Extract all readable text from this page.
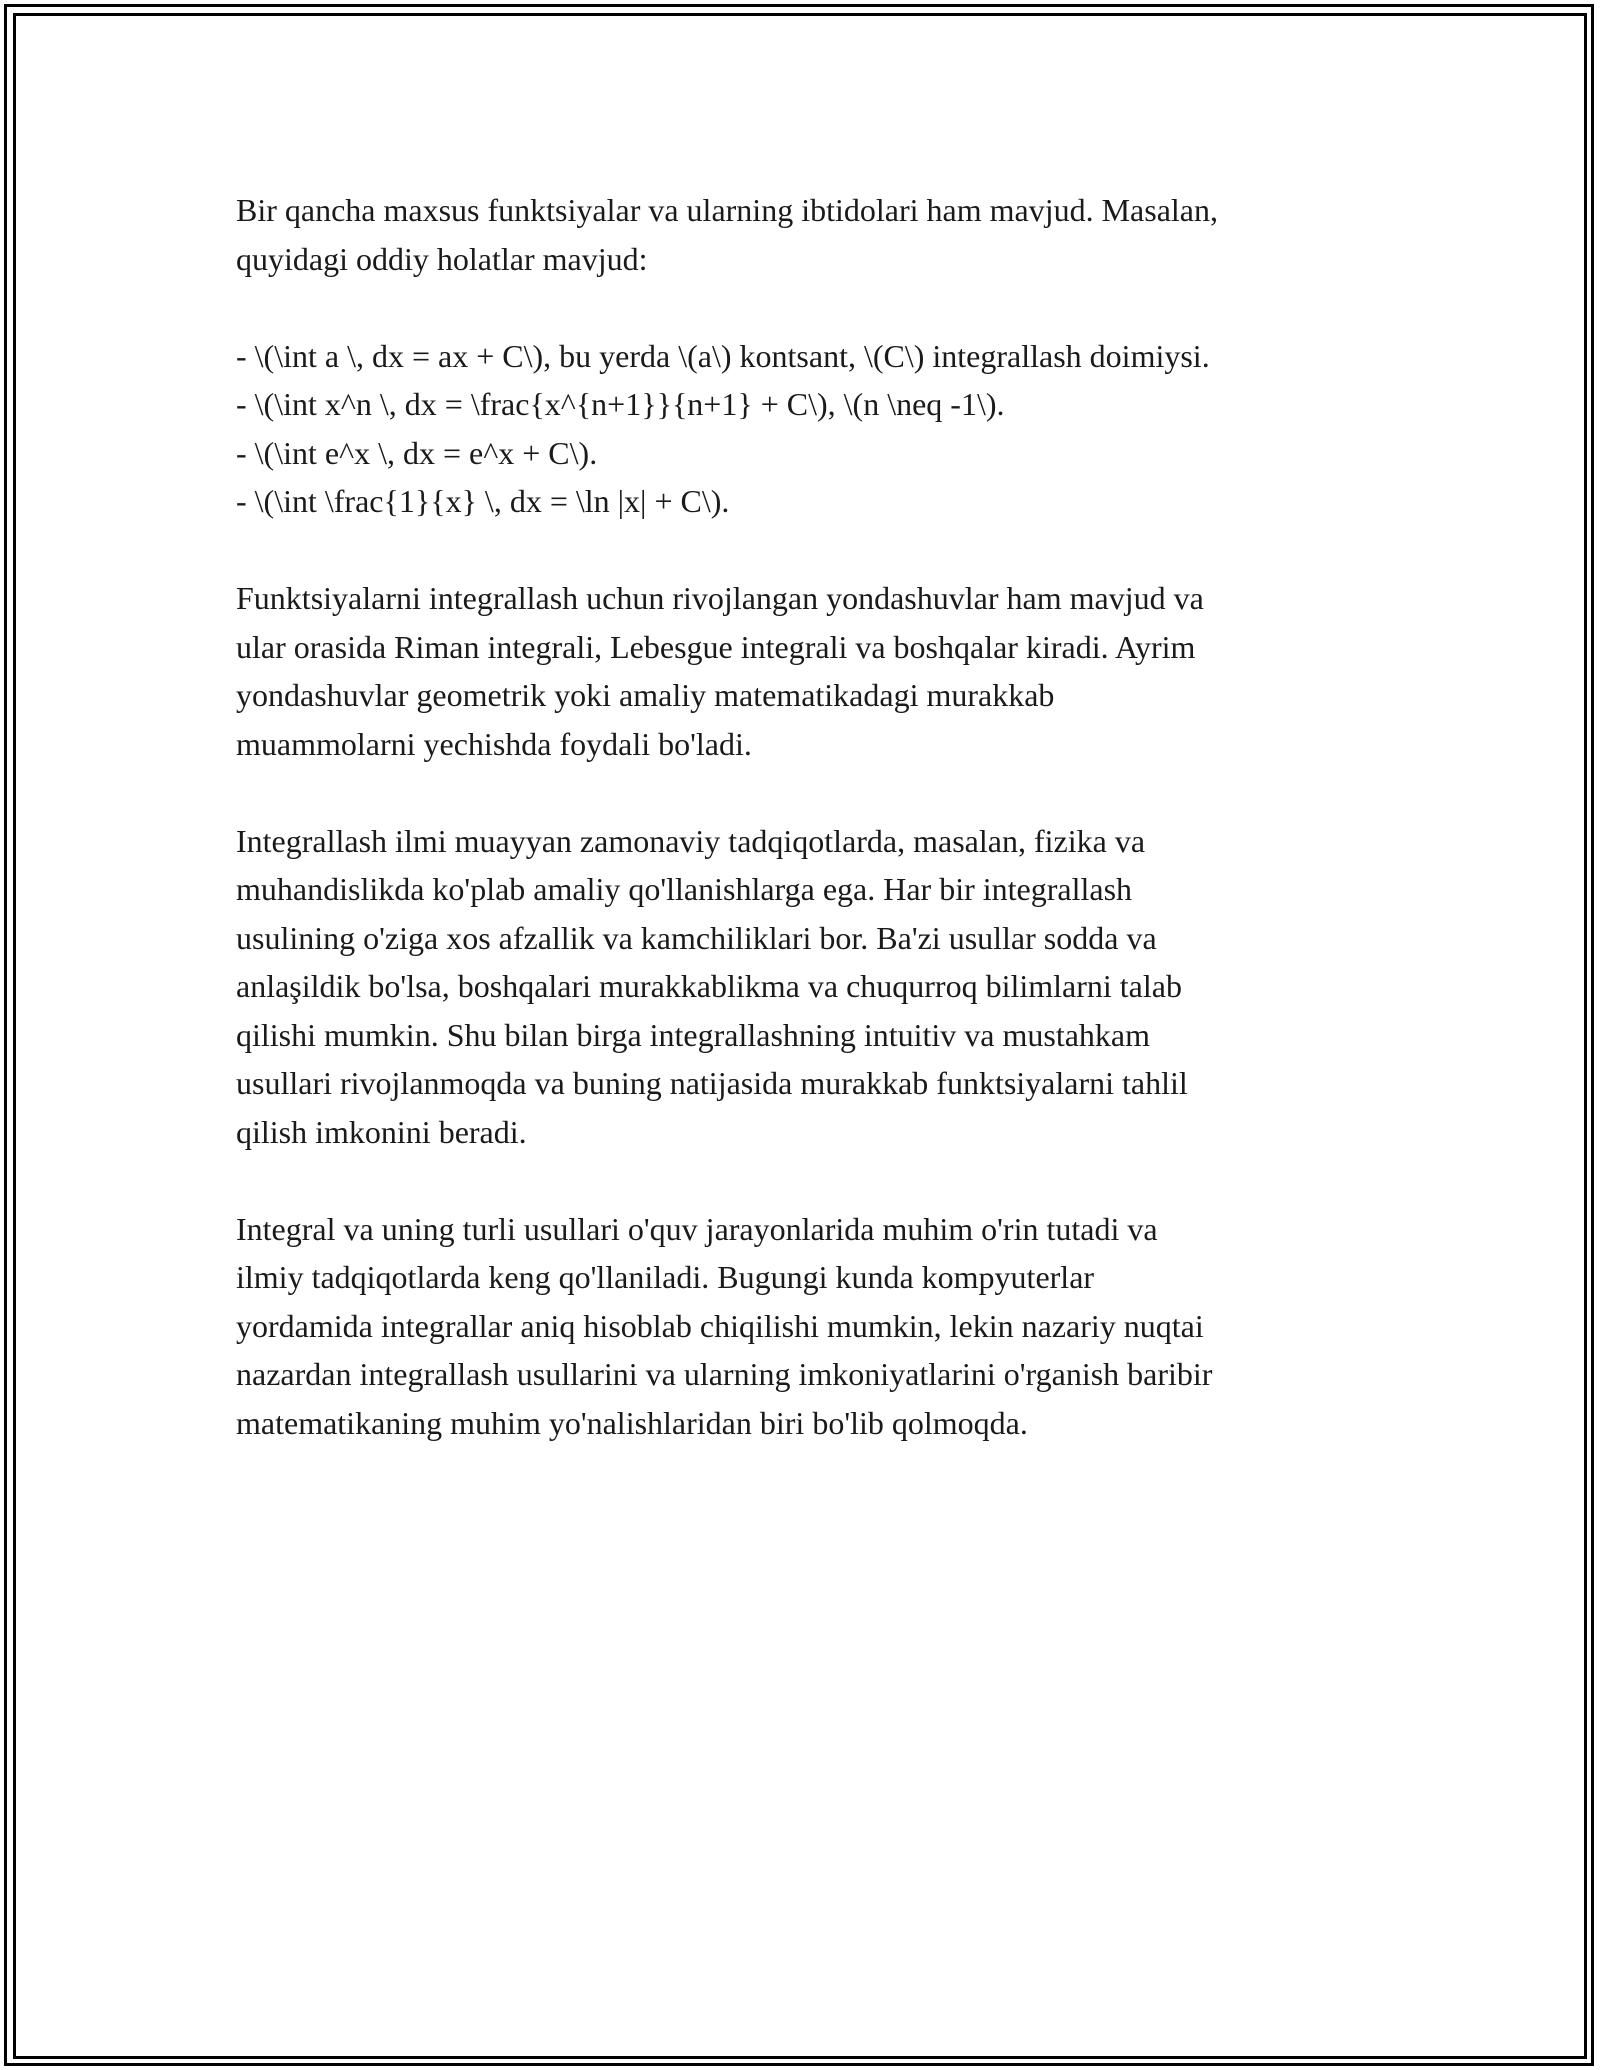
Bir qancha maxsus funktsiyalar va ularning ibtidolari ham mavjud. Masalan,
quyidagi oddiy holatlar mavjud:

- \(\int a \, dx = ax + C\), bu yerda \(a\) kontsant, \(C\) integrallash doimiysi.
- \(\int x^n \, dx = \frac{x^{n+1}}{n+1} + C\), \(n \neq -1\).
- \(\int e^x \, dx = e^x + C\).
- \(\int \frac{1}{x} \, dx = \ln |x| + C\).

Funktsiyalarni integrallash uchun rivojlangan yondashuvlar ham mavjud va
ular orasida Riman integrali, Lebesgue integrali va boshqalar kiradi. Ayrim
yondashuvlar geometrik yoki amaliy matematikadagi murakkab
muammolarni yechishda foydali bo'ladi.

Integrallash ilmi muayyan zamonaviy tadqiqotlarda, masalan, fizika va
muhandislikda ko'plab amaliy qo'llanishlarga ega. Har bir integrallash
usulining o'ziga xos afzallik va kamchiliklari bor. Ba'zi usullar sodda va
anlaşildik bo'lsa, boshqalari murakkablikma va chuqurroq bilimlarni talab
qilishi mumkin. Shu bilan birga integrallashning intuitiv va mustahkam
usullari rivojlanmoqda va buning natijasida murakkab funktsiyalarni tahlil
qilish imkonini beradi.

Integral va uning turli usullari o'quv jarayonlarida muhim o'rin tutadi va
ilmiy tadqiqotlarda keng qo'llaniladi. Bugungi kunda kompyuterlar
yordamida integrallar aniq hisoblab chiqilishi mumkin, lekin nazariy nuqtai
nazardan integrallash usullarini va ularning imkoniyatlarini o'rganish baribir
matematikaning muhim yo'nalishlaridan biri bo'lib qolmoqda.
